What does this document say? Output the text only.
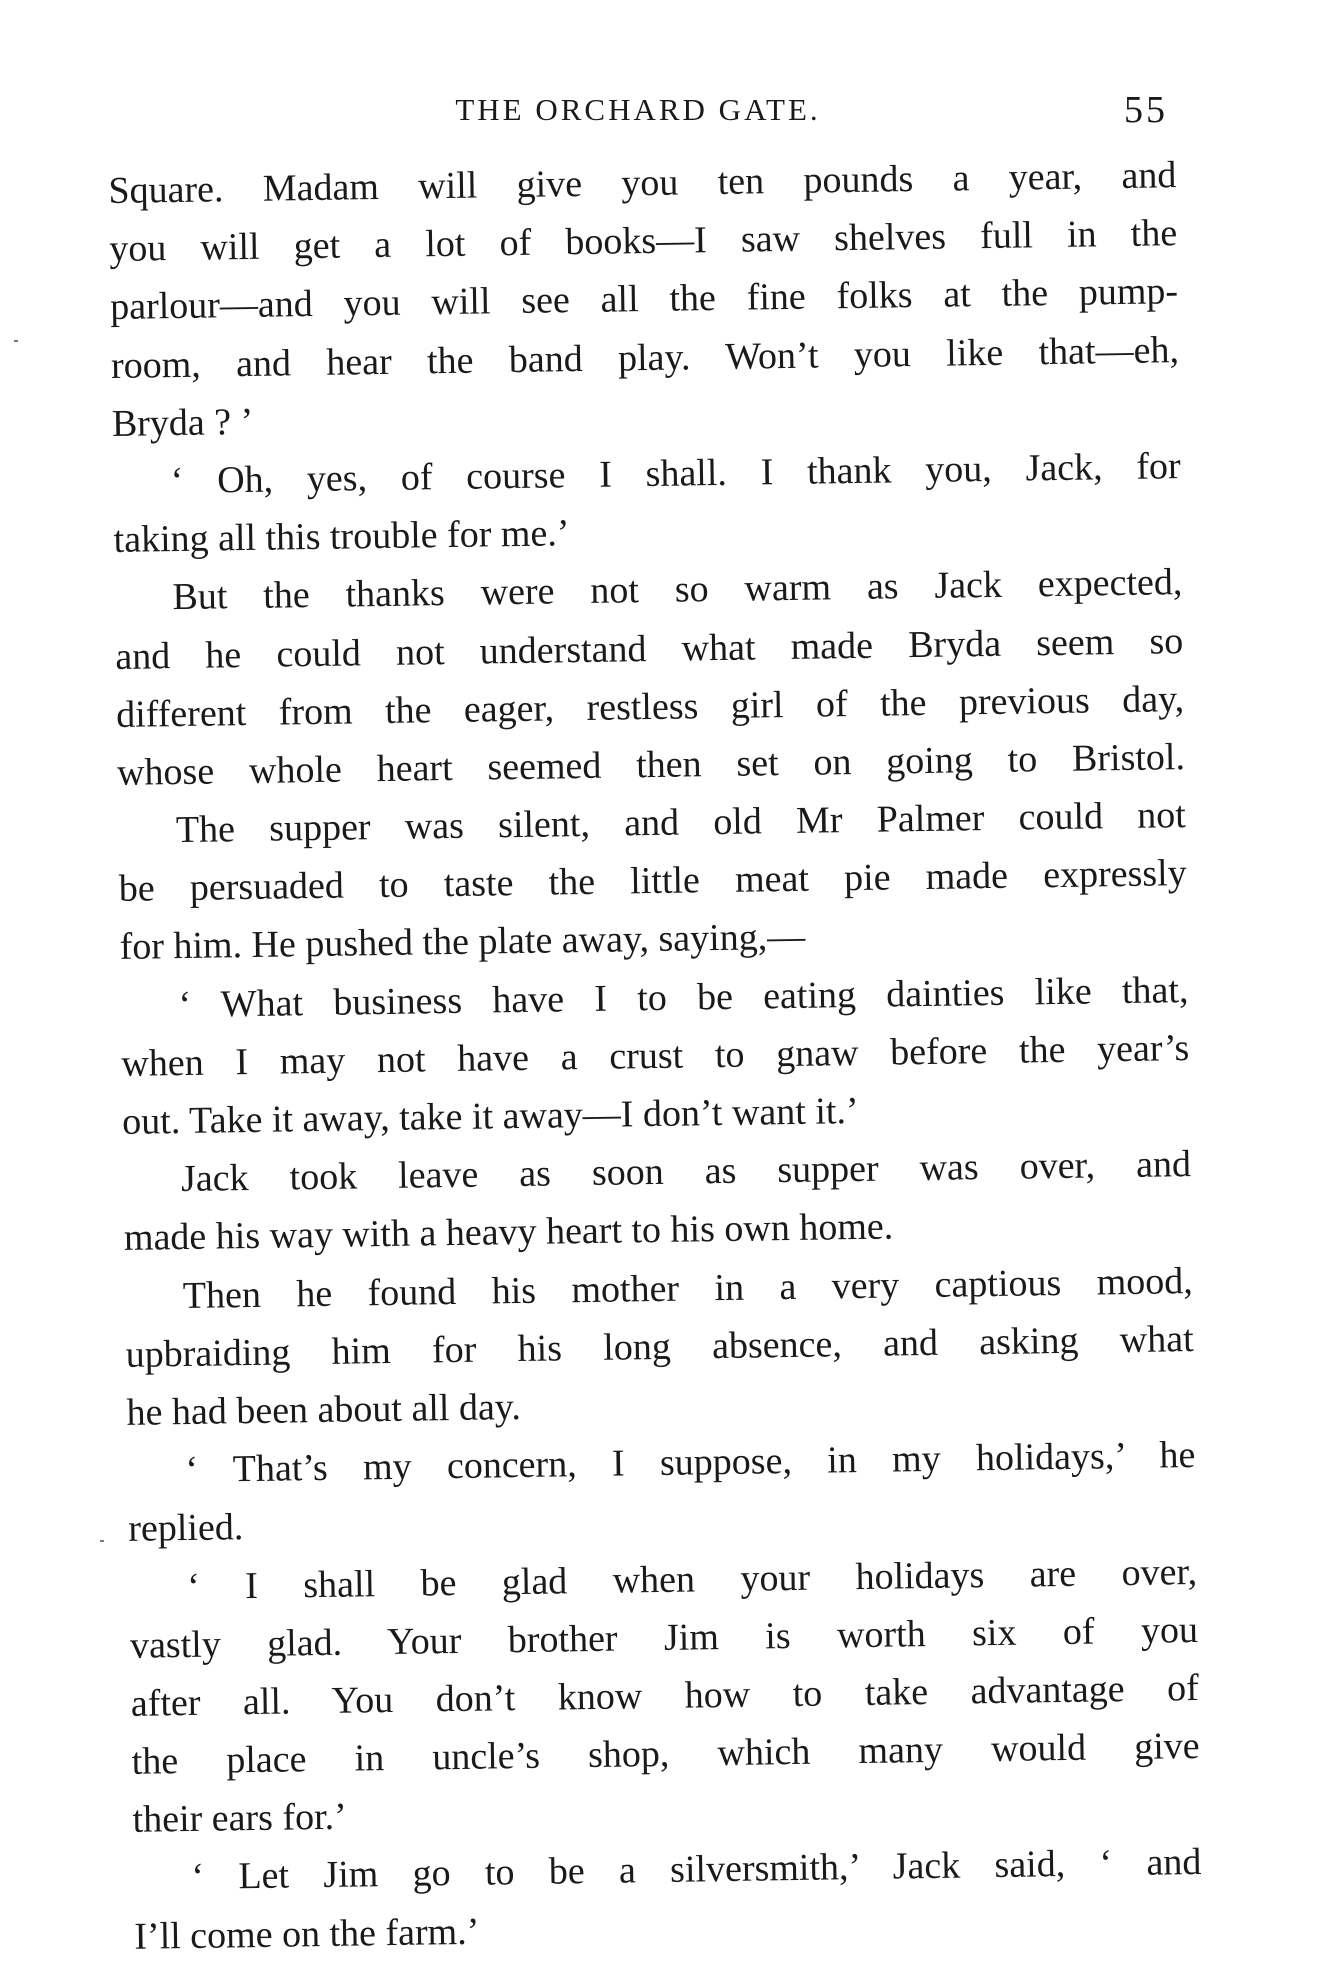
THE ORCHARD GATE.	55
Square. Madam will give you ten pounds a year, and
you will get a lot of books—I saw shelves full in the
parlour—and you will see all the fine folks at the pump-
room, and hear the band play. Won’t you like that—eh,
Bryda ? ’
‘ Oh, yes, of course I shall. I thank you, Jack, for
taking all this trouble for me.’
But the thanks were not so warm as Jack expected,
and he could not understand what made Bryda seem so
different from the eager, restless girl of the previous day,
whose whole heart seemed then set on going to Bristol.
The supper was silent, and old Mr Palmer could not
be persuaded to taste the little meat pie made expressly
for him. He pushed the plate away, saying,—
‘ What business have I to be eating dainties like that,
when I may not have a crust to gnaw before the year’s
out. Take it away, take it away—I don’t want it.’
Jack took leave as soon as supper was over, and
made his way with a heavy heart to his own home.
Then he found his mother in a very captious mood,
upbraiding him for his long absence, and asking what
he had been about all day.
‘ That’s my concern, I suppose, in my holidays,’ he
replied.
‘ I shall be glad when your holidays are over,
vastly glad. Your brother Jim is worth six of you
after all. You don’t know how to take advantage of
the place in uncle’s shop, which many would give
their ears for.’
‘ Let Jim go to be a silversmith,’ Jack said, ‘ and
I’ll come on the farm.’
